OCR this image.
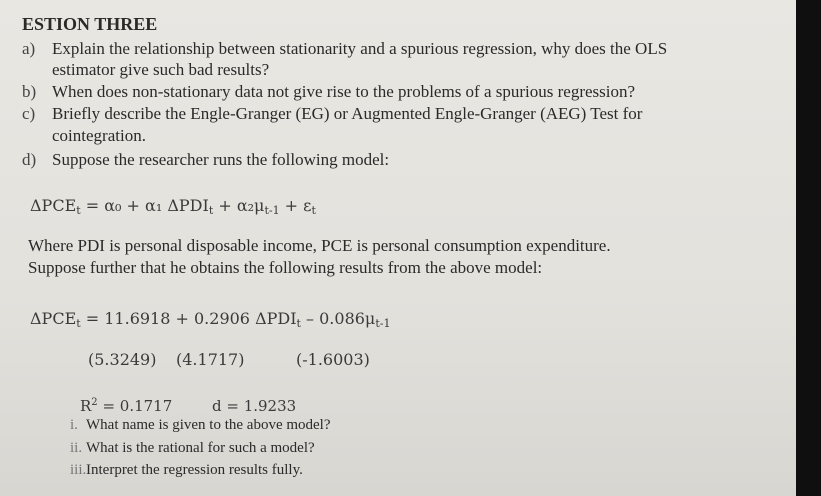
ESTION THREE
a) Explain the relationship between stationarity and a spurious regression, why does the OLS
estimator give such bad results?
b) When does non-stationary data not give rise to the problems of a spurious regression?
c) Briefly describe the Engle-Granger (EG) or Augmented Engle-Granger (AEG) Test for
cointegration.
d) Suppose the researcher runs the following model:
$\Delta PCE_t = \alpha_0 + \alpha_1$ $\Delta PDI_t + \alpha_2\mu_{t-1} + \varepsilon_t$
Where PDI is personal disposable income, PCE is personal consumption expenditure.
Suppose further that he obtains the following results from the above model:
$\Delta PCE_t = 11.6918 + 0.2906$ $\Delta PDI_t - 0.086\mu_{t-1}$
(5.3249) (4.1717)	(-1.6003)
$R^2 = 0.1717$	d = 1.9233
i. What name is given to the above model?
ii. What is the rational for such a model?
iii.Interpret the regression results fully.
